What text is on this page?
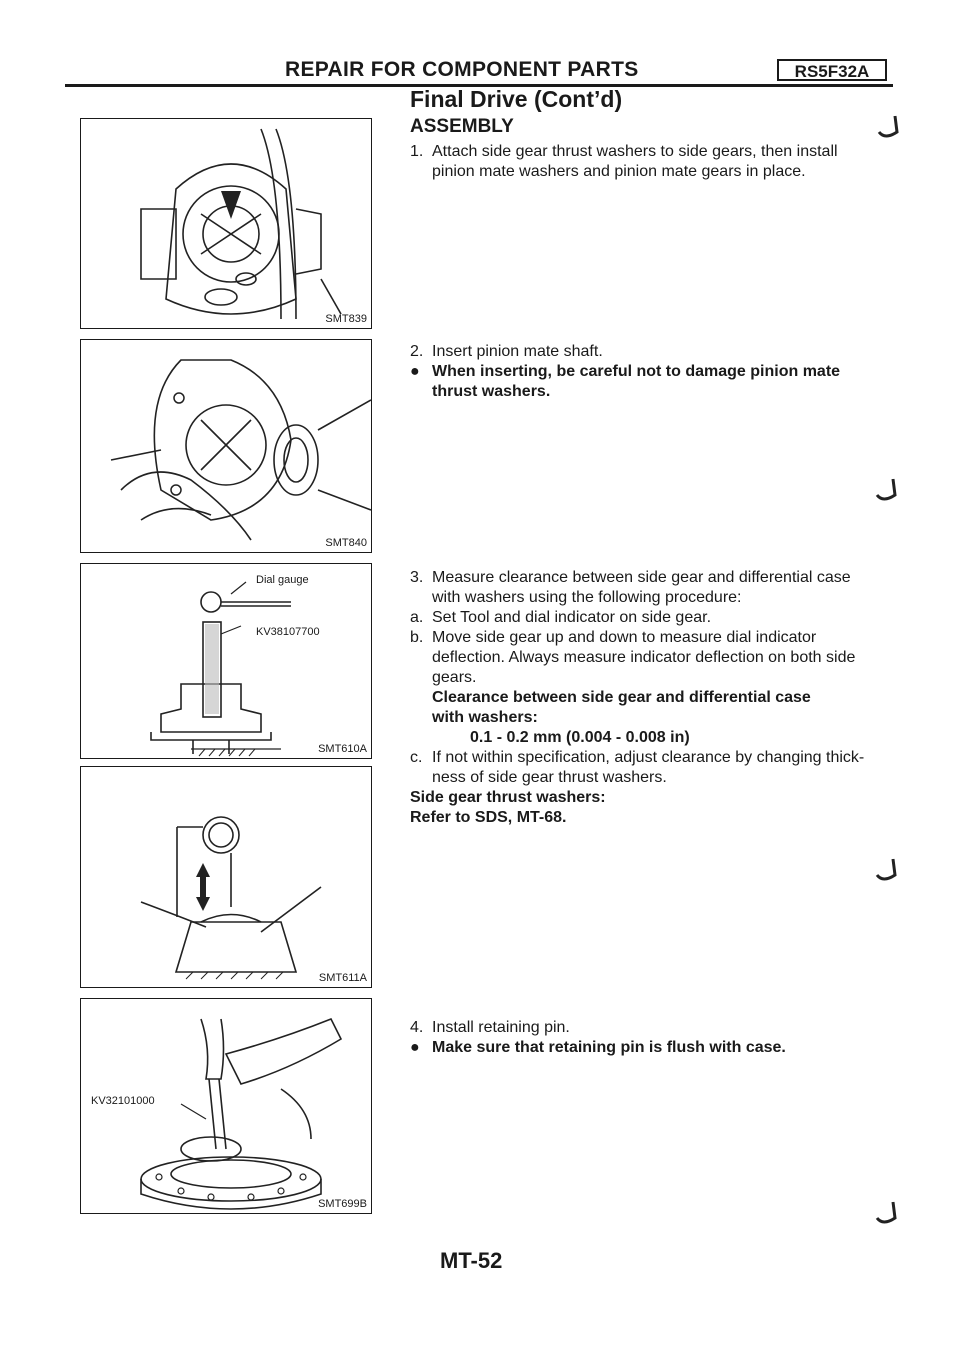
REPAIR FOR COMPONENT PARTS	RS5F32A
Final Drive (Cont’d)
ASSEMBLY
SMT839
SMT840
Dial gauge
KV38107700
SMT610A
SMT611A
KV32101000
SMT699B
1. Attach side gear thrust washers to side gears, then install
pinion mate washers and pinion mate gears in place.
2. Insert pinion mate shaft.
● When inserting, be careful not to damage pinion mate
thrust washers.
3. Measure clearance between side gear and differential case
with washers using the following procedure:
a. Set Tool and dial indicator on side gear.
b. Move side gear up and down to measure dial indicator
deflection. Always measure indicator deflection on both side
gears.
Clearance between side gear and differential case
with washers:
0.1 - 0.2 mm (0.004 - 0.008 in)
c. If not within specification, adjust clearance by changing thick-
ness of side gear thrust washers.
Side gear thrust washers:
Refer to SDS, MT-68.
4. Install retaining pin.
● Make sure that retaining pin is flush with case.
MT-52
